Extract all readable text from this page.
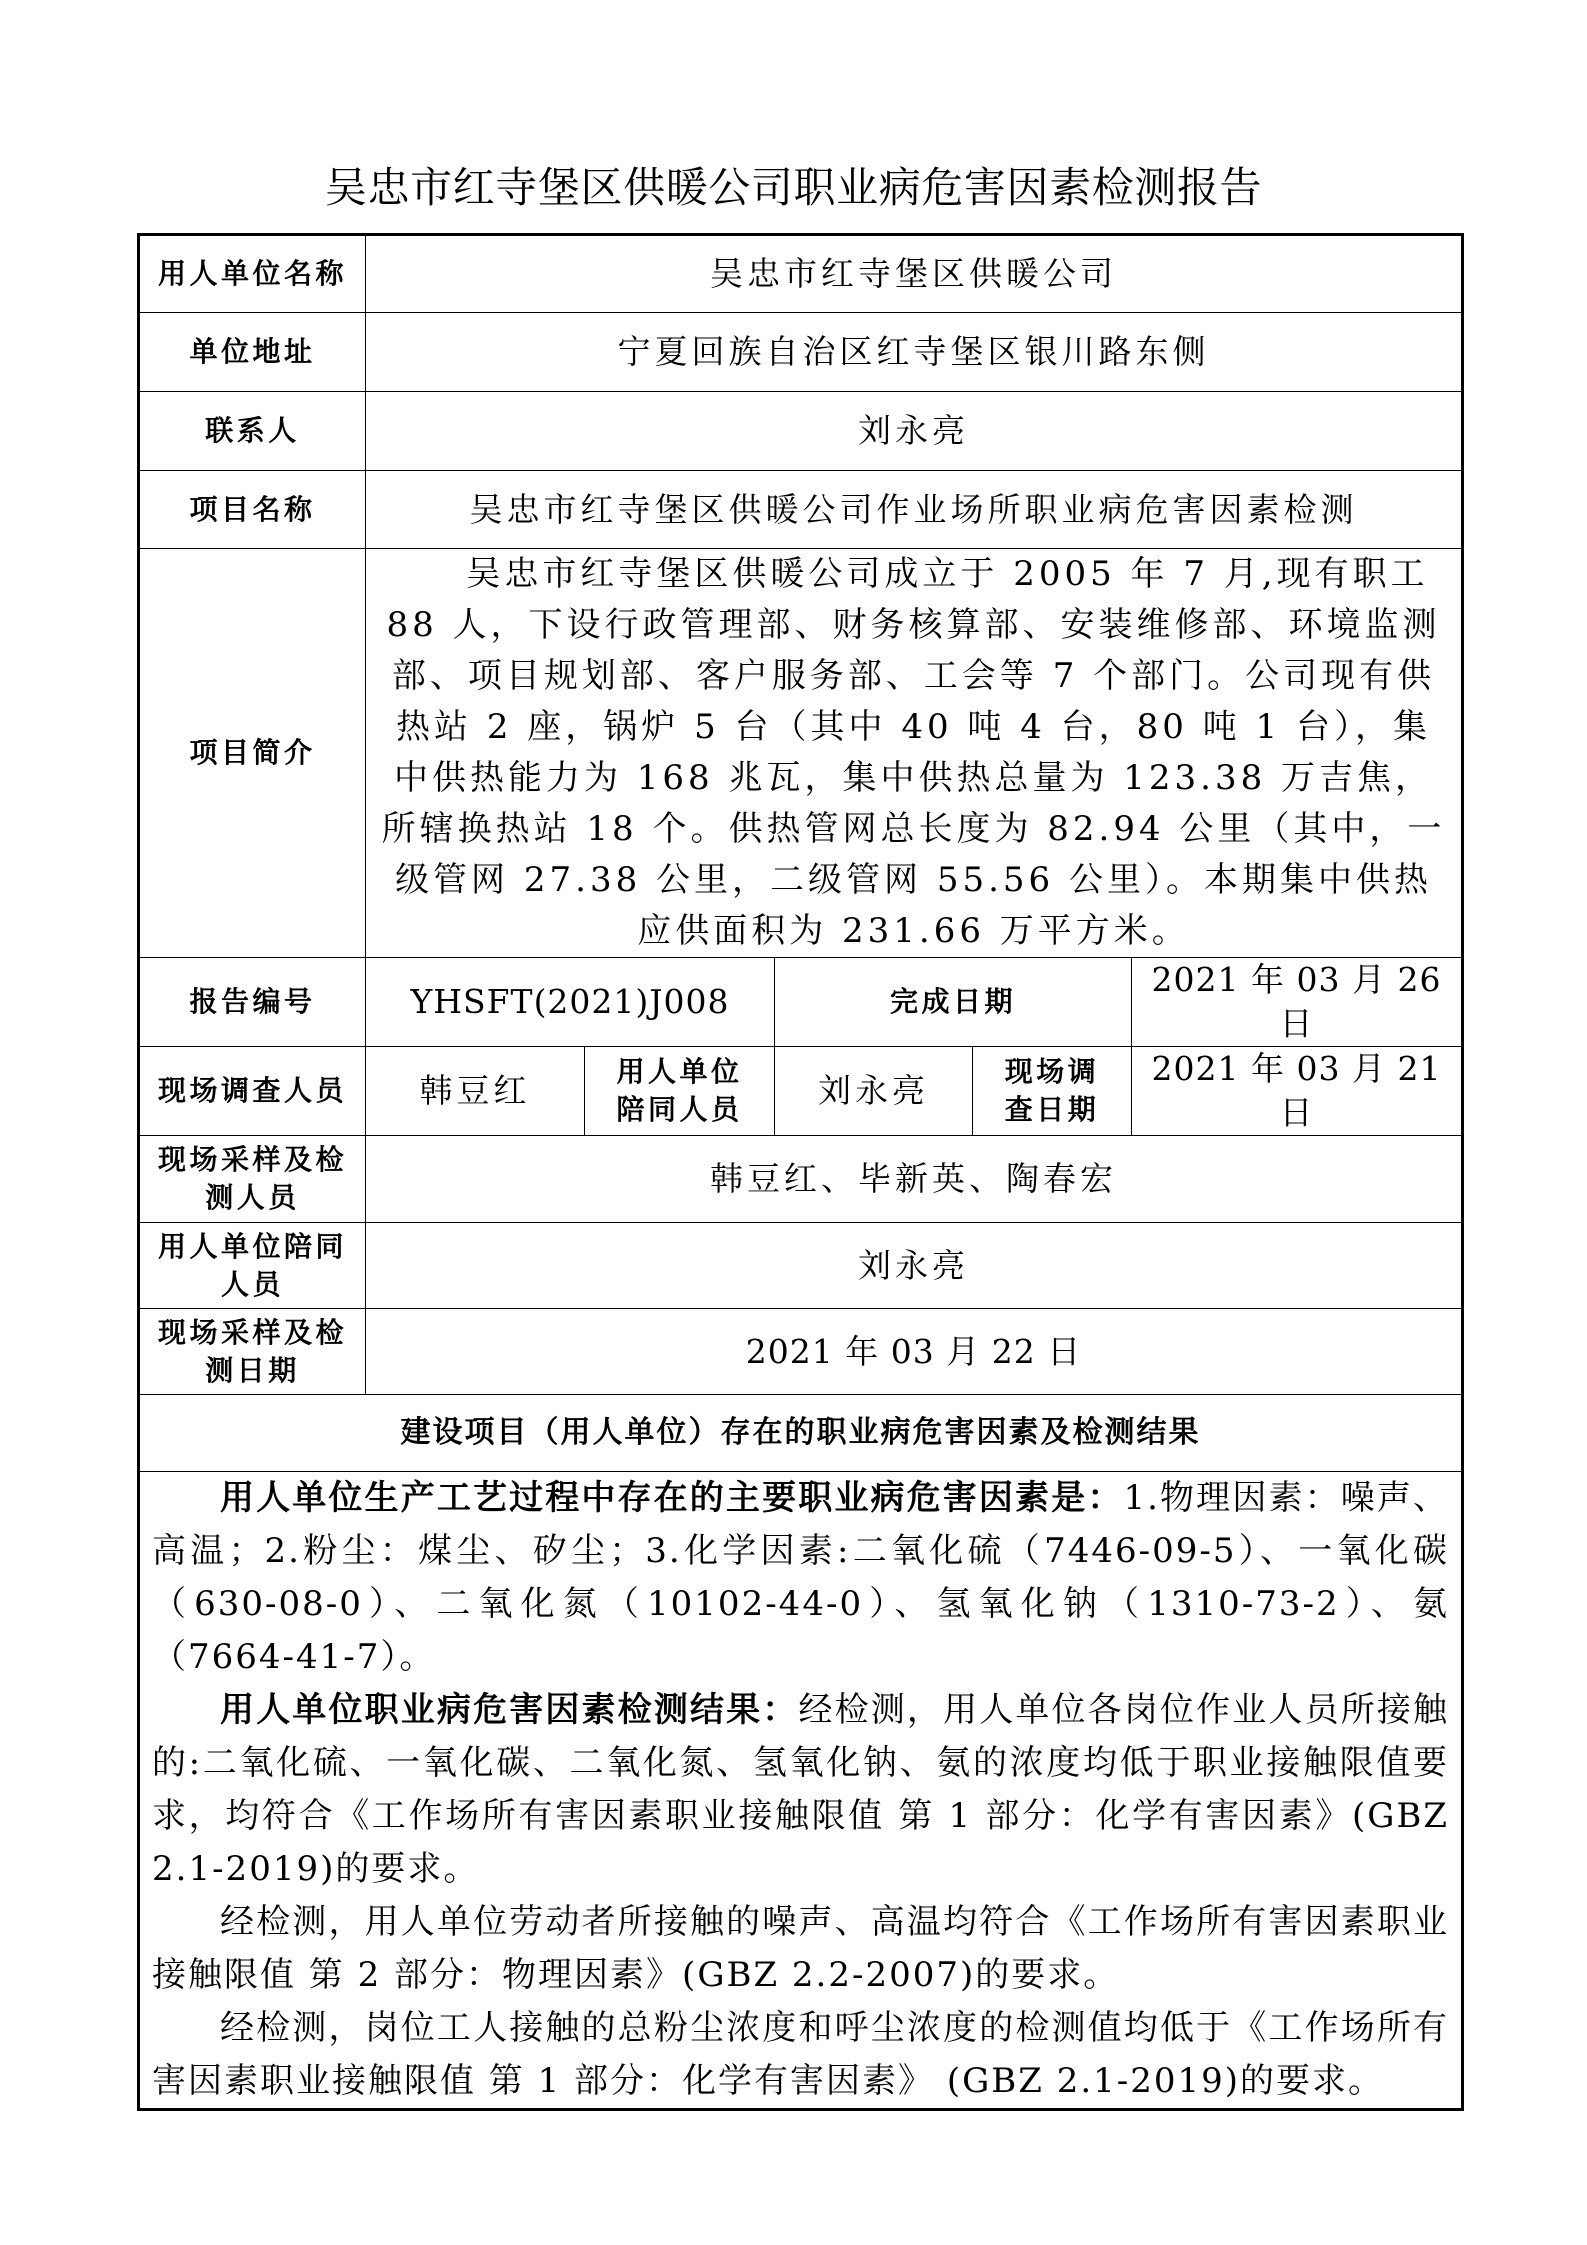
吴忠市红寺堡区供暖公司职业病危害因素检测报告
用人单位名称	吴忠市红寺堡区供暖公司				
单位地址	宁夏回族自治区红寺堡区银川路东侧				
联系人	刘永亮				
项目名称	吴忠市红寺堡区供暖公司作业场所职业病危害因素检测				
项目简介	吴忠市红寺堡区供暖公司成立于 2005 年 7 月,现有职工 88 人，下设行政管理部、财务核算部、安装维修部、环境监测部、项目规划部、客户服务部、工会等 7 个部门。公司现有供热站 2 座，锅炉 5 台（其中 40 吨 4 台，80 吨 1 台），集中供热能力为 168 兆瓦，集中供热总量为 123.38 万吉焦，所辖换热站 18 个。供热管网总长度为 82.94 公里（其中，一级管网 27.38 公里，二级管网 55.56 公里）。本期集中供热应供面积为 231.66 万平方米。				
报告编号	YHSFT(2021)J008		完成日期		2021 年 03 月 26 日
现场调查人员	韩豆红	用人单位陪同人员	刘永亮	现场调查日期	2021 年 03 月 21 日
现场采样及检测人员	韩豆红、毕新英、陶春宏				
用人单位陪同人员	刘永亮				
现场采样及检测日期	2021 年 03 月 22 日				
建设项目（用人单位）存在的职业病危害因素及检测结果					

用人单位生产工艺过程中存在的主要职业病危害因素是：1.物理因素：噪声、高温；2.粉尘：煤尘、矽尘；3.化学因素:二氧化硫（7446-09-5）、一氧化碳（630-08-0）、二氧化氮（10102-44-0）、氢氧化钠（1310-73-2）、氨（7664-41-7）。

用人单位职业病危害因素检测结果：经检测，用人单位各岗位作业人员所接触的:二氧化硫、一氧化碳、二氧化氮、氢氧化钠、氨的浓度均低于职业接触限值要求，均符合《工作场所有害因素职业接触限值 第 1 部分：化学有害因素》(GBZ 2.1-2019)的要求。

经检测，用人单位劳动者所接触的噪声、高温均符合《工作场所有害因素职业接触限值 第 2 部分：物理因素》(GBZ 2.2-2007)的要求。

经检测，岗位工人接触的总粉尘浓度和呼尘浓度的检测值均低于《工作场所有害因素职业接触限值 第 1 部分：化学有害因素》 (GBZ 2.1-2019)的要求。					
